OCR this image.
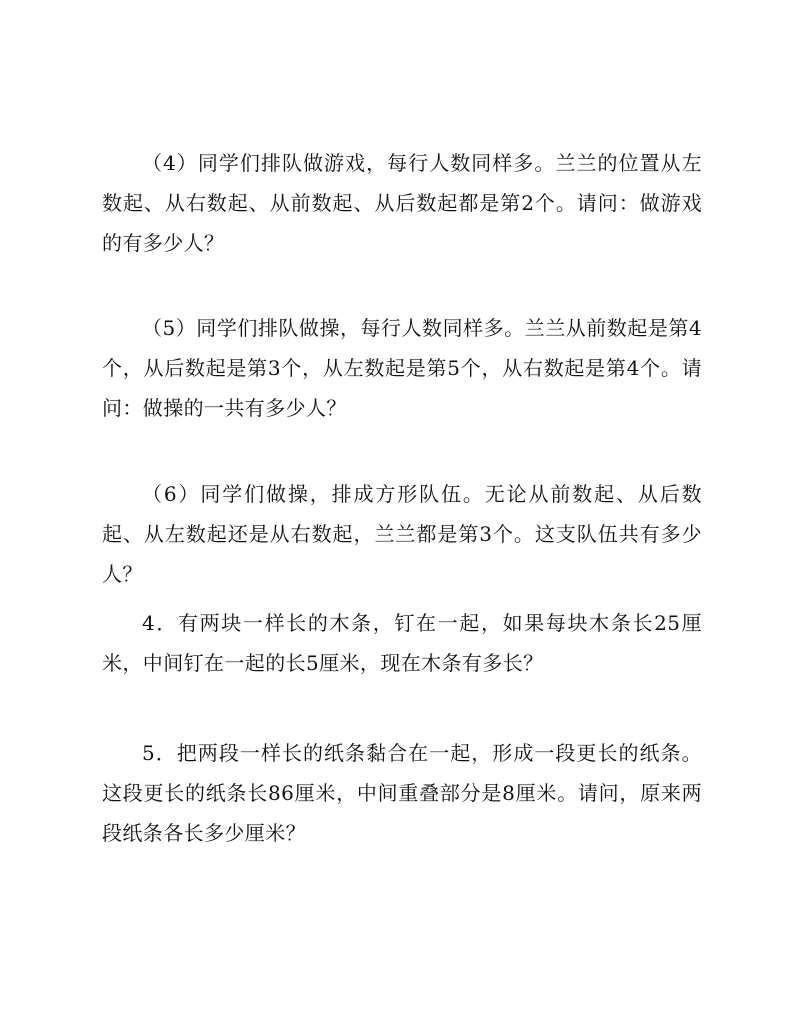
（4）同学们排队做游戏，每行人数同样多。兰兰的位置从左数起、从右数起、从前数起、从后数起都是第2个。请问：做游戏的有多少人？

（5）同学们排队做操，每行人数同样多。兰兰从前数起是第4个，从后数起是第3个，从左数起是第5个，从右数起是第4个。请问：做操的一共有多少人？

（6）同学们做操，排成方形队伍。无论从前数起、从后数起、从左数起还是从右数起，兰兰都是第3个。这支队伍共有多少人？

4．有两块一样长的木条，钉在一起，如果每块木条长25厘米，中间钉在一起的长5厘米，现在木条有多长？

5．把两段一样长的纸条黏合在一起，形成一段更长的纸条。这段更长的纸条长86厘米，中间重叠部分是8厘米。请问，原来两段纸条各长多少厘米？
